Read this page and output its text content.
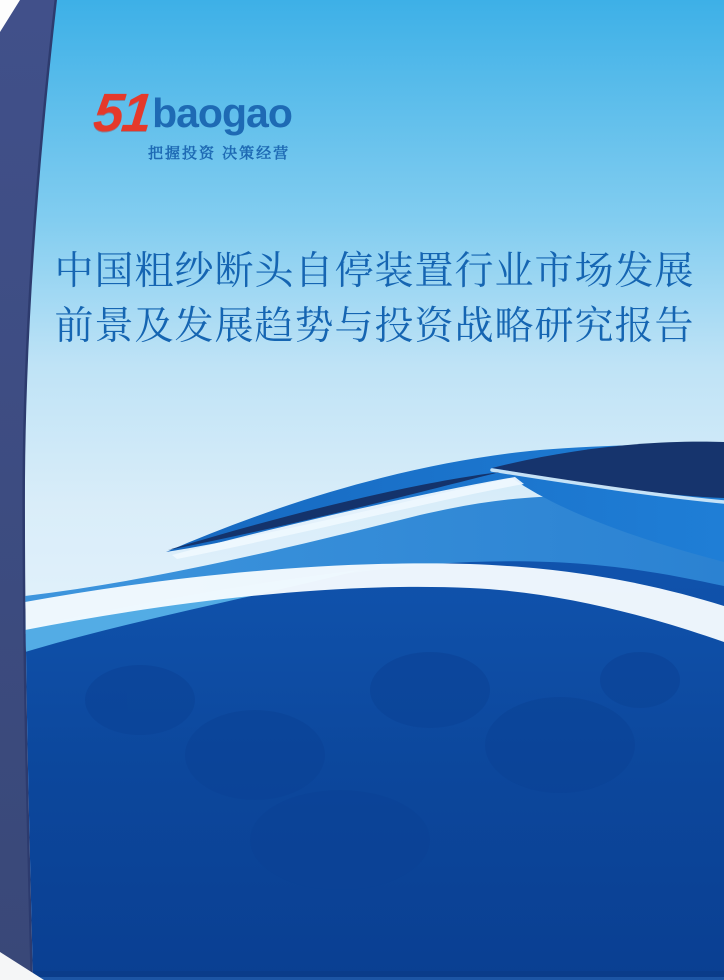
51baogao
把握投资 决策经营
中国粗纱断头自停装置行业市场发展
前景及发展趋势与投资战略研究报告
